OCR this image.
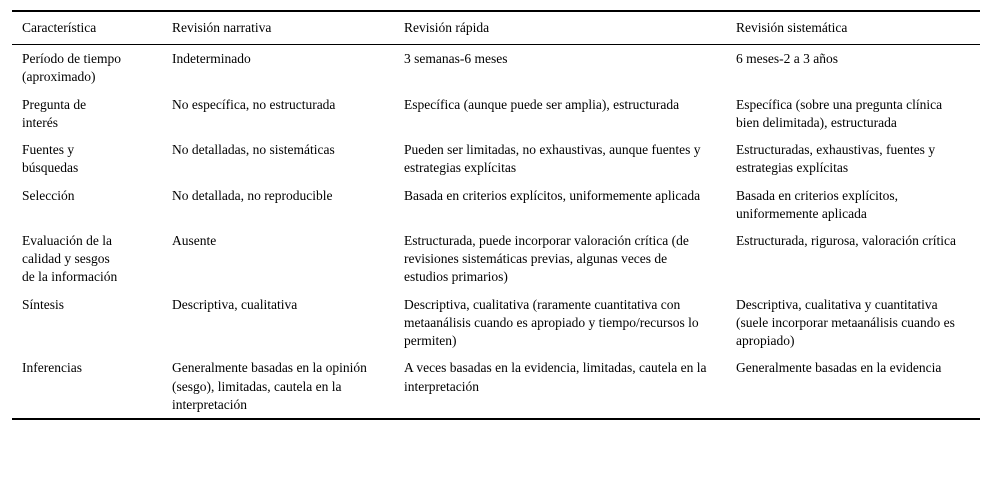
Característica	Revisión narrativa	Revisión rápida	Revisión sistemática
Período de tiempo (aproximado)	Indeterminado	3 semanas-6 meses	6 meses-2 a 3 años
Pregunta de interés	No específica, no estructurada	Específica (aunque puede ser amplia), estructurada	Específica (sobre una pregunta clínica bien delimitada), estructurada
Fuentes y búsquedas	No detalladas, no sistemáticas	Pueden ser limitadas, no exhaustivas, aunque fuentes y estrategias explícitas	Estructuradas, exhaustivas, fuentes y estrategias explícitas
Selección	No detallada, no reproducible	Basada en criterios explícitos, uniformemente aplicada	Basada en criterios explícitos, uniformemente aplicada
Evaluación de la calidad y sesgos de la información	Ausente	Estructurada, puede incorporar valoración crítica (de revisiones sistemáticas previas, algunas veces de estudios primarios)	Estructurada, rigurosa, valoración crítica
Síntesis	Descriptiva, cualitativa	Descriptiva, cualitativa (raramente cuantitativa con metaanálisis cuando es apropiado y tiempo/recursos lo permiten)	Descriptiva, cualitativa y cuantitativa (suele incorporar metaanálisis cuando es apropiado)
Inferencias	Generalmente basadas en la opinión (sesgo), limitadas, cautela en la interpretación	A veces basadas en la evidencia, limitadas, cautela en la interpretación	Generalmente basadas en la evidencia
